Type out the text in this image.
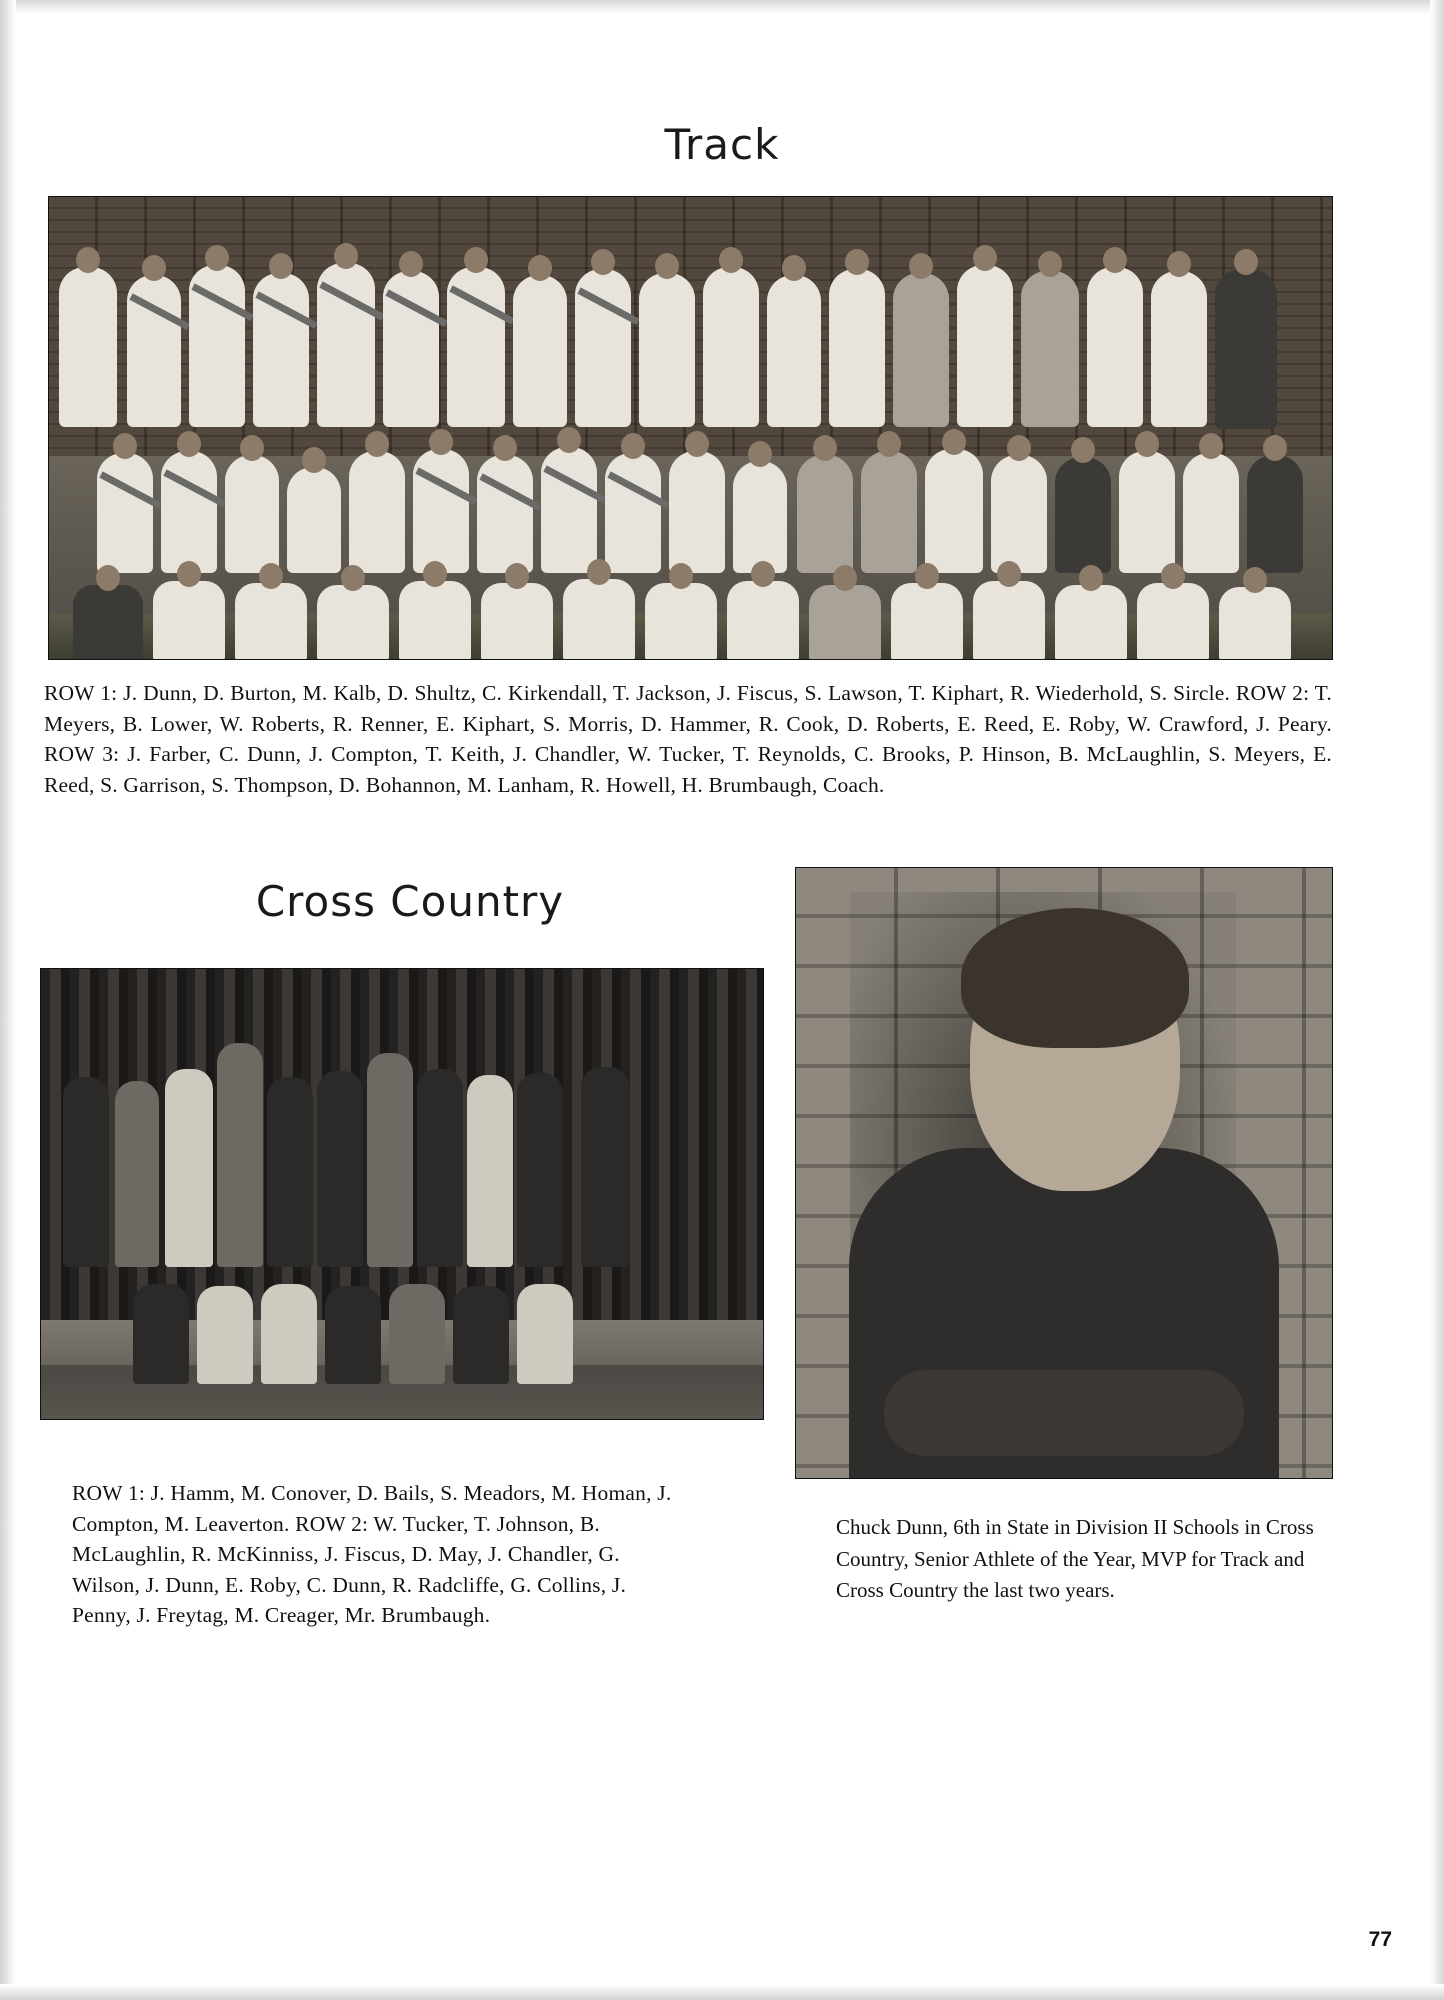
Track
ROW 1: J. Dunn, D. Burton, M. Kalb, D. Shultz, C. Kirkendall, T. Jackson, J. Fiscus, S. Lawson, T. Kiphart, R. Wiederhold, S. Sircle. ROW 2: T. Meyers, B. Lower, W. Roberts, R. Renner, E. Kiphart, S. Morris, D. Hammer, R. Cook, D. Roberts, E. Reed, E. Roby, W. Crawford, J. Peary. ROW 3: J. Farber, C. Dunn, J. Compton, T. Keith, J. Chandler, W. Tucker, T. Reynolds, C. Brooks, P. Hinson, B. McLaughlin, S. Meyers, E. Reed, S. Garrison, S. Thompson, D. Bohannon, M. Lanham, R. Howell, H. Brumbaugh, Coach.
Cross Country
ROW 1: J. Hamm, M. Conover, D. Bails, S. Meadors, M. Homan, J. Compton, M. Leaverton. ROW 2: W. Tucker, T. Johnson, B. McLaughlin, R. McKinniss, J. Fiscus, D. May, J. Chandler, G. Wilson, J. Dunn, E. Roby, C. Dunn, R. Radcliffe, G. Collins, J. Penny, J. Freytag, M. Creager, Mr. Brumbaugh.
Chuck Dunn, 6th in State in Division II Schools in Cross Country, Senior Athlete of the Year, MVP for Track and Cross Country the last two years.
77
